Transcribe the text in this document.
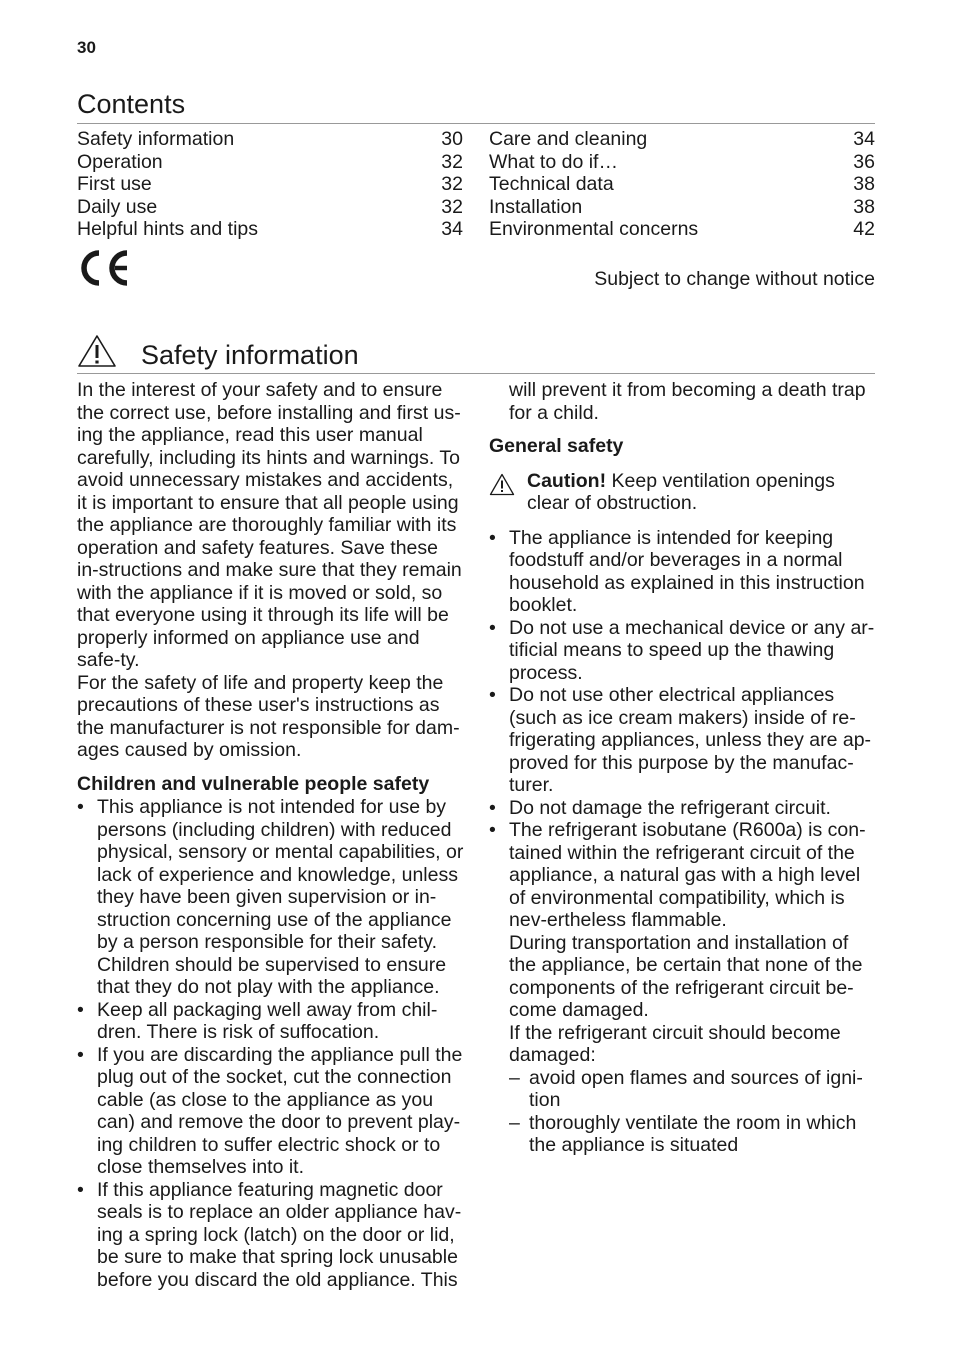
30
Contents
Safety information	30
Operation	32
First use	32
Daily use	32
Helpful hints and tips	34
Care and cleaning	34
What to do if…	36
Technical data	38
Installation	38
Environmental concerns	42
Subject to change without notice
Safety information

In the interest of your safety and to ensure the correct use, before installing and first us-ing the appliance, read this user manual carefully, including its hints and warnings. To avoid unnecessary mistakes and accidents, it is important to ensure that all people using the appliance are thoroughly familiar with its operation and safety features. Save these in-structions and make sure that they remain with the appliance if it is moved or sold, so that everyone using it through its life will be properly informed on appliance use and safe-ty.

For the safety of life and property keep the precautions of these user's instructions as the manufacturer is not responsible for dam-ages caused by omission.

Children and vulnerable people safety

• This appliance is not intended for use by persons (including children) with reduced physical, sensory or mental capabilities, or lack of experience and knowledge, unless they have been given supervision or in-struction concerning use of the appliance by a person responsible for their safety. Children should be supervised to ensure that they do not play with the appliance.
• Keep all packaging well away from chil-dren. There is risk of suffocation.
• If you are discarding the appliance pull the plug out of the socket, cut the connection cable (as close to the appliance as you can) and remove the door to prevent play-ing children to suffer electric shock or to close themselves into it.
• If this appliance featuring magnetic door seals is to replace an older appliance hav-ing a spring lock (latch) on the door or lid, be sure to make that spring lock unusable before you discard the old appliance. This

will prevent it from becoming a death trap for a child.

General safety

Caution! Keep ventilation openings clear of obstruction.
• The appliance is intended for keeping foodstuff and/or beverages in a normal household as explained in this instruction booklet.
• Do not use a mechanical device or any ar-tificial means to speed up the thawing process.
• Do not use other electrical appliances (such as ice cream makers) inside of re-frigerating appliances, unless they are ap-proved for this purpose by the manufac-turer.
• Do not damage the refrigerant circuit.
• The refrigerant isobutane (R600a) is con-tained within the refrigerant circuit of the appliance, a natural gas with a high level of environmental compatibility, which is nev-ertheless flammable.
During transportation and installation of the appliance, be certain that none of the components of the refrigerant circuit be-come damaged.
If the refrigerant circuit should become damaged:
– avoid open flames and sources of igni-tion
– thoroughly ventilate the room in which the appliance is situated
